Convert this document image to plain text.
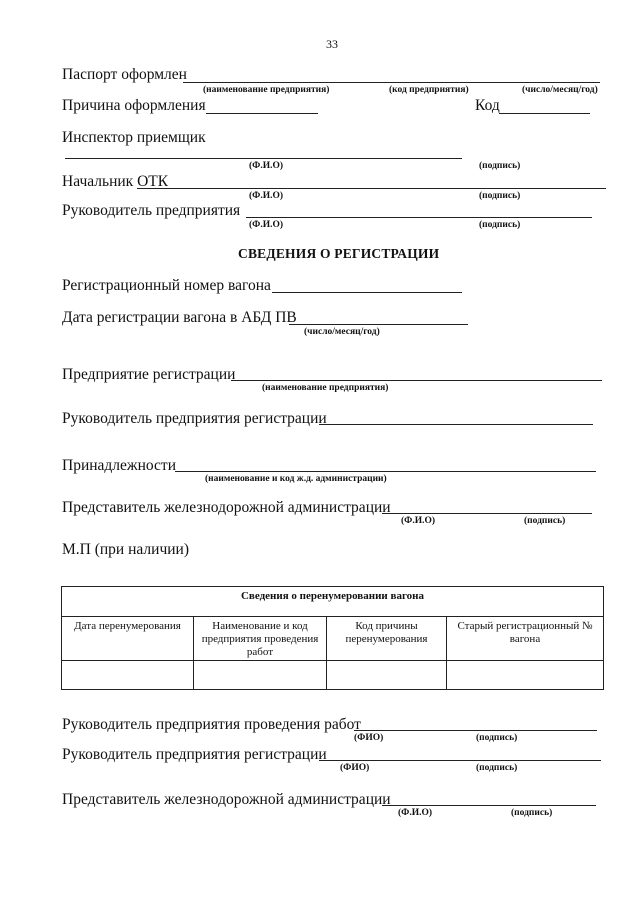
33
Паспорт оформлен
(наименование предприятия)	(код предприятия)	(число/месяц/год)
Причина оформления	Код
Инспектор приемщик
(Ф.И.О)	(подпись)
Начальник ОТК
(Ф.И.О)	(подпись)
Руководитель предприятия
(Ф.И.О)	(подпись)
СВЕДЕНИЯ О РЕГИСТРАЦИИ
Регистрационный номер вагона
Дата регистрации вагона в АБД ПВ
(число/месяц/год)
Предприятие регистрации
(наименование предприятия)
Руководитель предприятия регистрации
Принадлежности
(наименование и код ж.д. администрации)
Представитель железнодорожной администрации
(Ф.И.О)	(подпись)
М.П (при наличии)
Сведения о перенумеровании вагона			
Дата перенумерования	Наименование и код предприятия проведения работ	Код причины перенумерования	Старый регистрационный № вагона

Руководитель предприятия проведения работ
(ФИО)	(подпись)
Руководитель предприятия регистрации
(ФИО)	(подпись)
Представитель железнодорожной администрации
(Ф.И.О)	(подпись)
